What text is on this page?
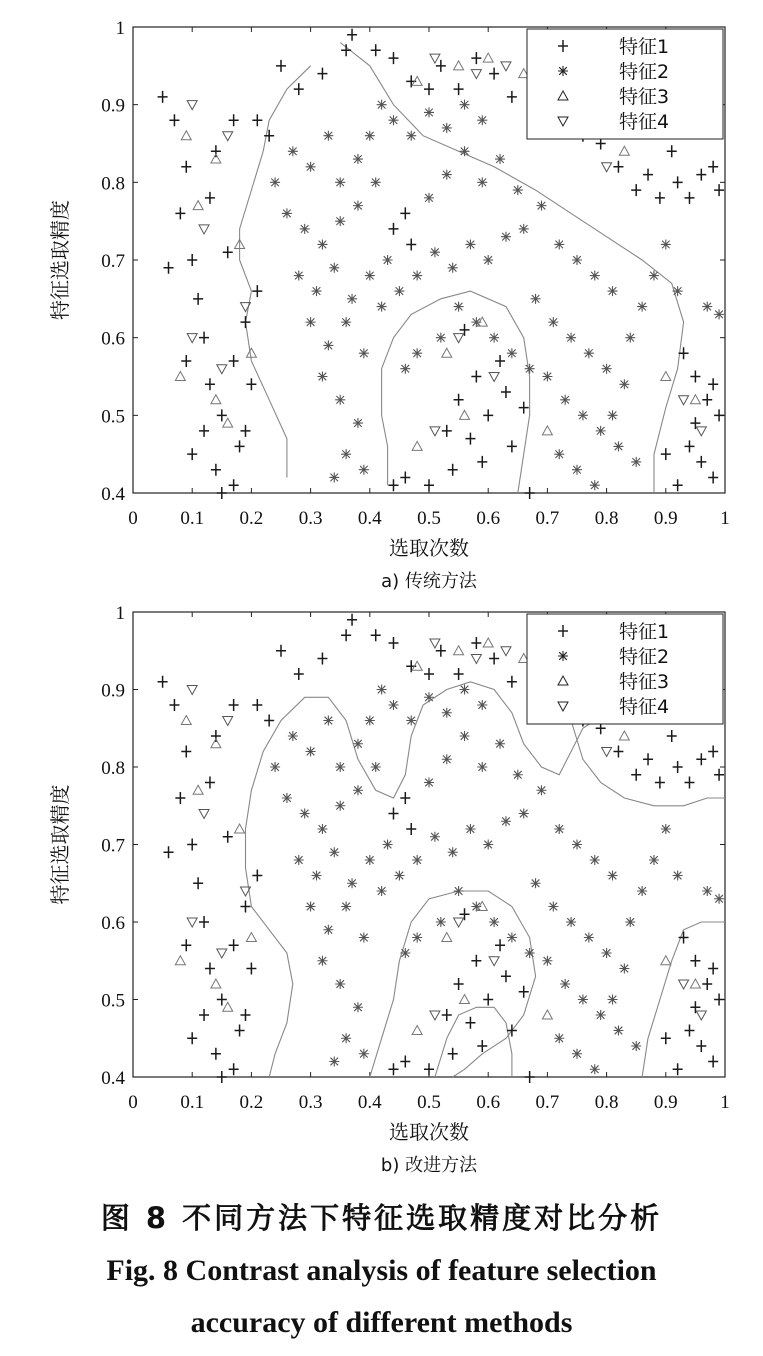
0 0.1 0.2 0.3 0.4 0.5 0.6 0.7 0.8 0.9 1
0.4
0.5
0.6
0.7
0.8
0.9
1
特征1
特征2
特征3
特征4
选取次数
特征选取精度
a) 传统方法
0 0.1 0.2 0.3 0.4 0.5 0.6 0.7 0.8 0.9 1
0.4
0.5
0.6
0.7
0.8
0.9
1
特征1
特征2
特征3
特征4
选取次数
特征选取精度
b) 改进方法
图 8 不同方法下特征选取精度对比分析
Fig. 8 Contrast analysis of feature selection
accuracy of different methods
